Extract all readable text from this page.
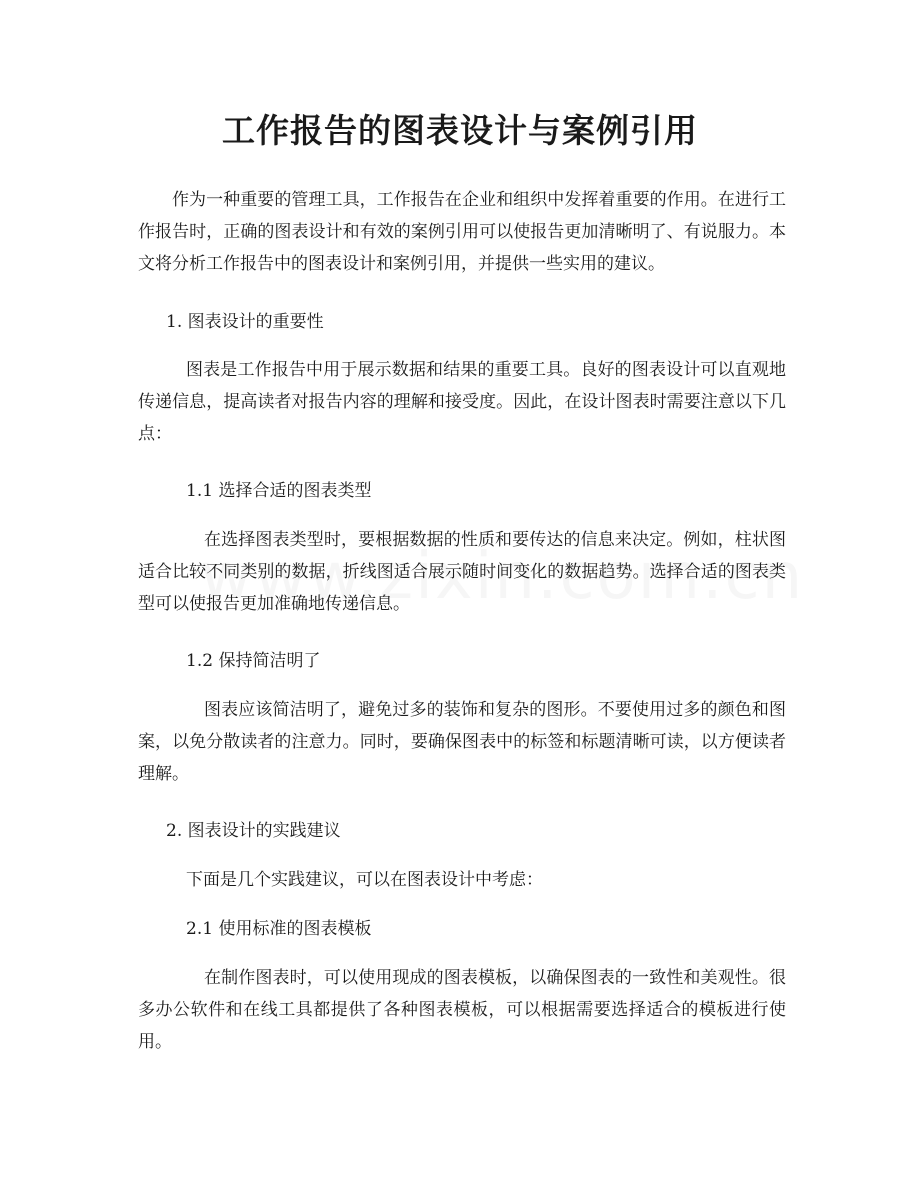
工作报告的图表设计与案例引用

作为一种重要的管理工具，工作报告在企业和组织中发挥着重要的作用。在进行工作报告时，正确的图表设计和有效的案例引用可以使报告更加清晰明了、有说服力。本文将分析工作报告中的图表设计和案例引用，并提供一些实用的建议。

1. 图表设计的重要性

图表是工作报告中用于展示数据和结果的重要工具。良好的图表设计可以直观地传递信息，提高读者对报告内容的理解和接受度。因此，在设计图表时需要注意以下几点：

1.1 选择合适的图表类型

在选择图表类型时，要根据数据的性质和要传达的信息来决定。例如，柱状图适合比较不同类别的数据，折线图适合展示随时间变化的数据趋势。选择合适的图表类型可以使报告更加准确地传递信息。

1.2 保持简洁明了

图表应该简洁明了，避免过多的装饰和复杂的图形。不要使用过多的颜色和图案，以免分散读者的注意力。同时，要确保图表中的标签和标题清晰可读，以方便读者理解。

2. 图表设计的实践建议

下面是几个实践建议，可以在图表设计中考虑：

2.1 使用标准的图表模板

在制作图表时，可以使用现成的图表模板，以确保图表的一致性和美观性。很多办公软件和在线工具都提供了各种图表模板，可以根据需要选择适合的模板进行使用。
